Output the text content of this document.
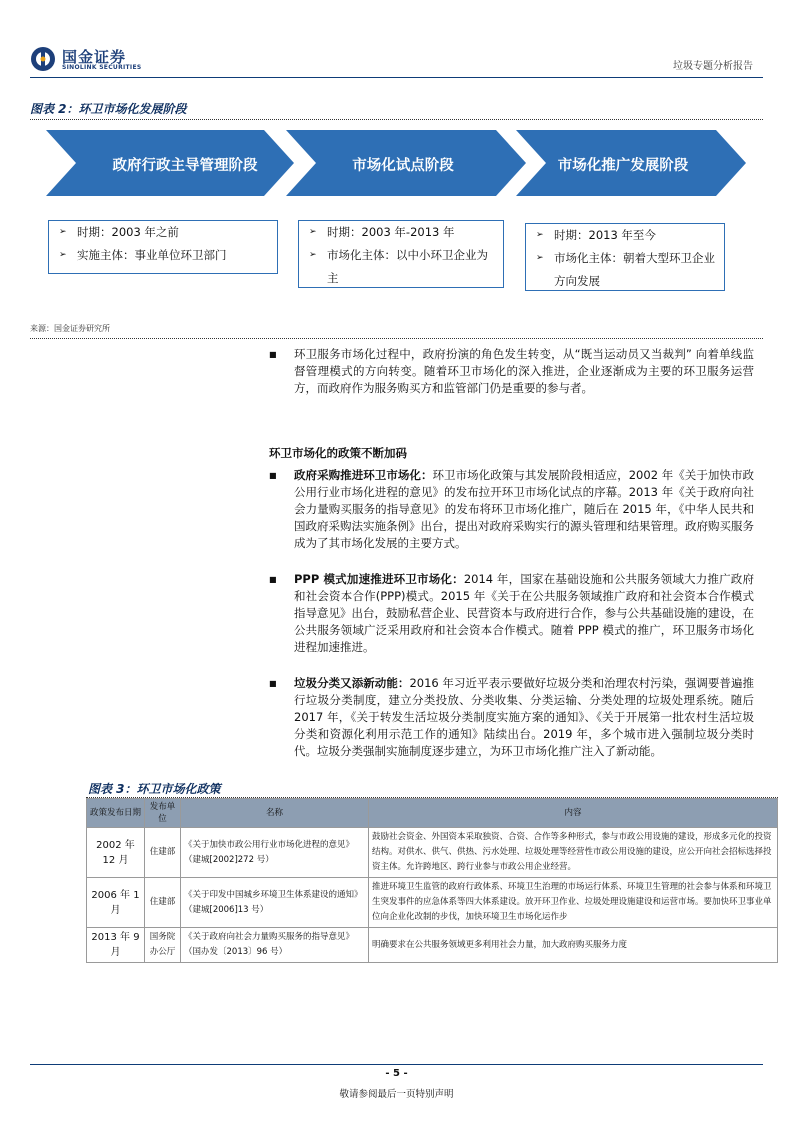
国金证券
SINOLINK SECURITIES	垃圾专题分析报告
图表 2：环卫市场化发展阶段
政府行政主导管理阶段	市场化试点阶段	市场化推广发展阶段
➢ 时期：2003 年之前
➢ 实施主体：事业单位环卫部门
➢ 时期：2003 年-2013 年
➢ 市场化主体：以中小环卫企业为主
➢ 时期：2013 年至今
➢ 市场化主体：朝着大型环卫企业方向发展
来源：国金证券研究所
■ 环卫服务市场化过程中，政府扮演的角色发生转变，从“既当运动员又当裁判” 向着单线监督管理模式的方向转变。随着环卫市场化的深入推进，企业逐渐成为主要的环卫服务运营方，而政府作为服务购买方和监管部门仍是重要的参与者。
环卫市场化的政策不断加码
■ 政府采购推进环卫市场化：环卫市场化政策与其发展阶段相适应，2002 年《关于加快市政公用行业市场化进程的意见》的发布拉开环卫市场化试点的序幕。2013 年《关于政府向社会力量购买服务的指导意见》的发布将环卫市场化推广，随后在 2015 年，《中华人民共和国政府采购法实施条例》出台，提出对政府采购实行的源头管理和结果管理。政府购买服务成为了其市场化发展的主要方式。
■ PPP 模式加速推进环卫市场化：2014 年，国家在基础设施和公共服务领域大力推广政府和社会资本合作(PPP)模式。2015 年《关于在公共服务领域推广政府和社会资本合作模式指导意见》出台，鼓励私营企业、民营资本与政府进行合作，参与公共基础设施的建设，在公共服务领域广泛采用政府和社会资本合作模式。随着 PPP 模式的推广，环卫服务市场化进程加速推进。
■ 垃圾分类又添新动能：2016 年习近平表示要做好垃圾分类和治理农村污染，强调要普遍推行垃圾分类制度，建立分类投放、分类收集、分类运输、分类处理的垃圾处理系统。随后 2017 年，《关于转发生活垃圾分类制度实施方案的通知》、《关于开展第一批农村生活垃圾分类和资源化利用示范工作的通知》陆续出台。2019 年，多个城市进入强制垃圾分类时代。垃圾分类强制实施制度逐步建立，为环卫市场化推广注入了新动能。
图表 3：环卫市场化政策
政策发布日期	发布单位	名称	内容
2002 年 12 月	住建部	《关于加快市政公用行业市场化进程的意见》（建城[2002]272 号）	鼓励社会资金、外国资本采取独资、合资、合作等多种形式，参与市政公用设施的建设，形成多元化的投资结构。对供水、供气、供热、污水处理、垃圾处理等经营性市政公用设施的建设，应公开向社会招标选择投资主体。允许跨地区、跨行业参与市政公用企业经营。
2006 年 1 月	住建部	《关于印发中国城乡环境卫生体系建设的通知》（建城[2006]13 号）	推进环境卫生监管的政府行政体系、环境卫生治理的市场运行体系、环境卫生管理的社会参与体系和环境卫生突发事件的应急体系等四大体系建设。放开环卫作业、垃圾处理设施建设和运营市场。要加快环卫事业单位向企业化改制的步伐，加快环境卫生市场化运作步
2013 年 9 月	国务院办公厅	《关于政府向社会力量购买服务的指导意见》（国办发〔2013〕96 号）	明确要求在公共服务领域更多利用社会力量，加大政府购买服务力度
- 5 -
敬请参阅最后一页特别声明
